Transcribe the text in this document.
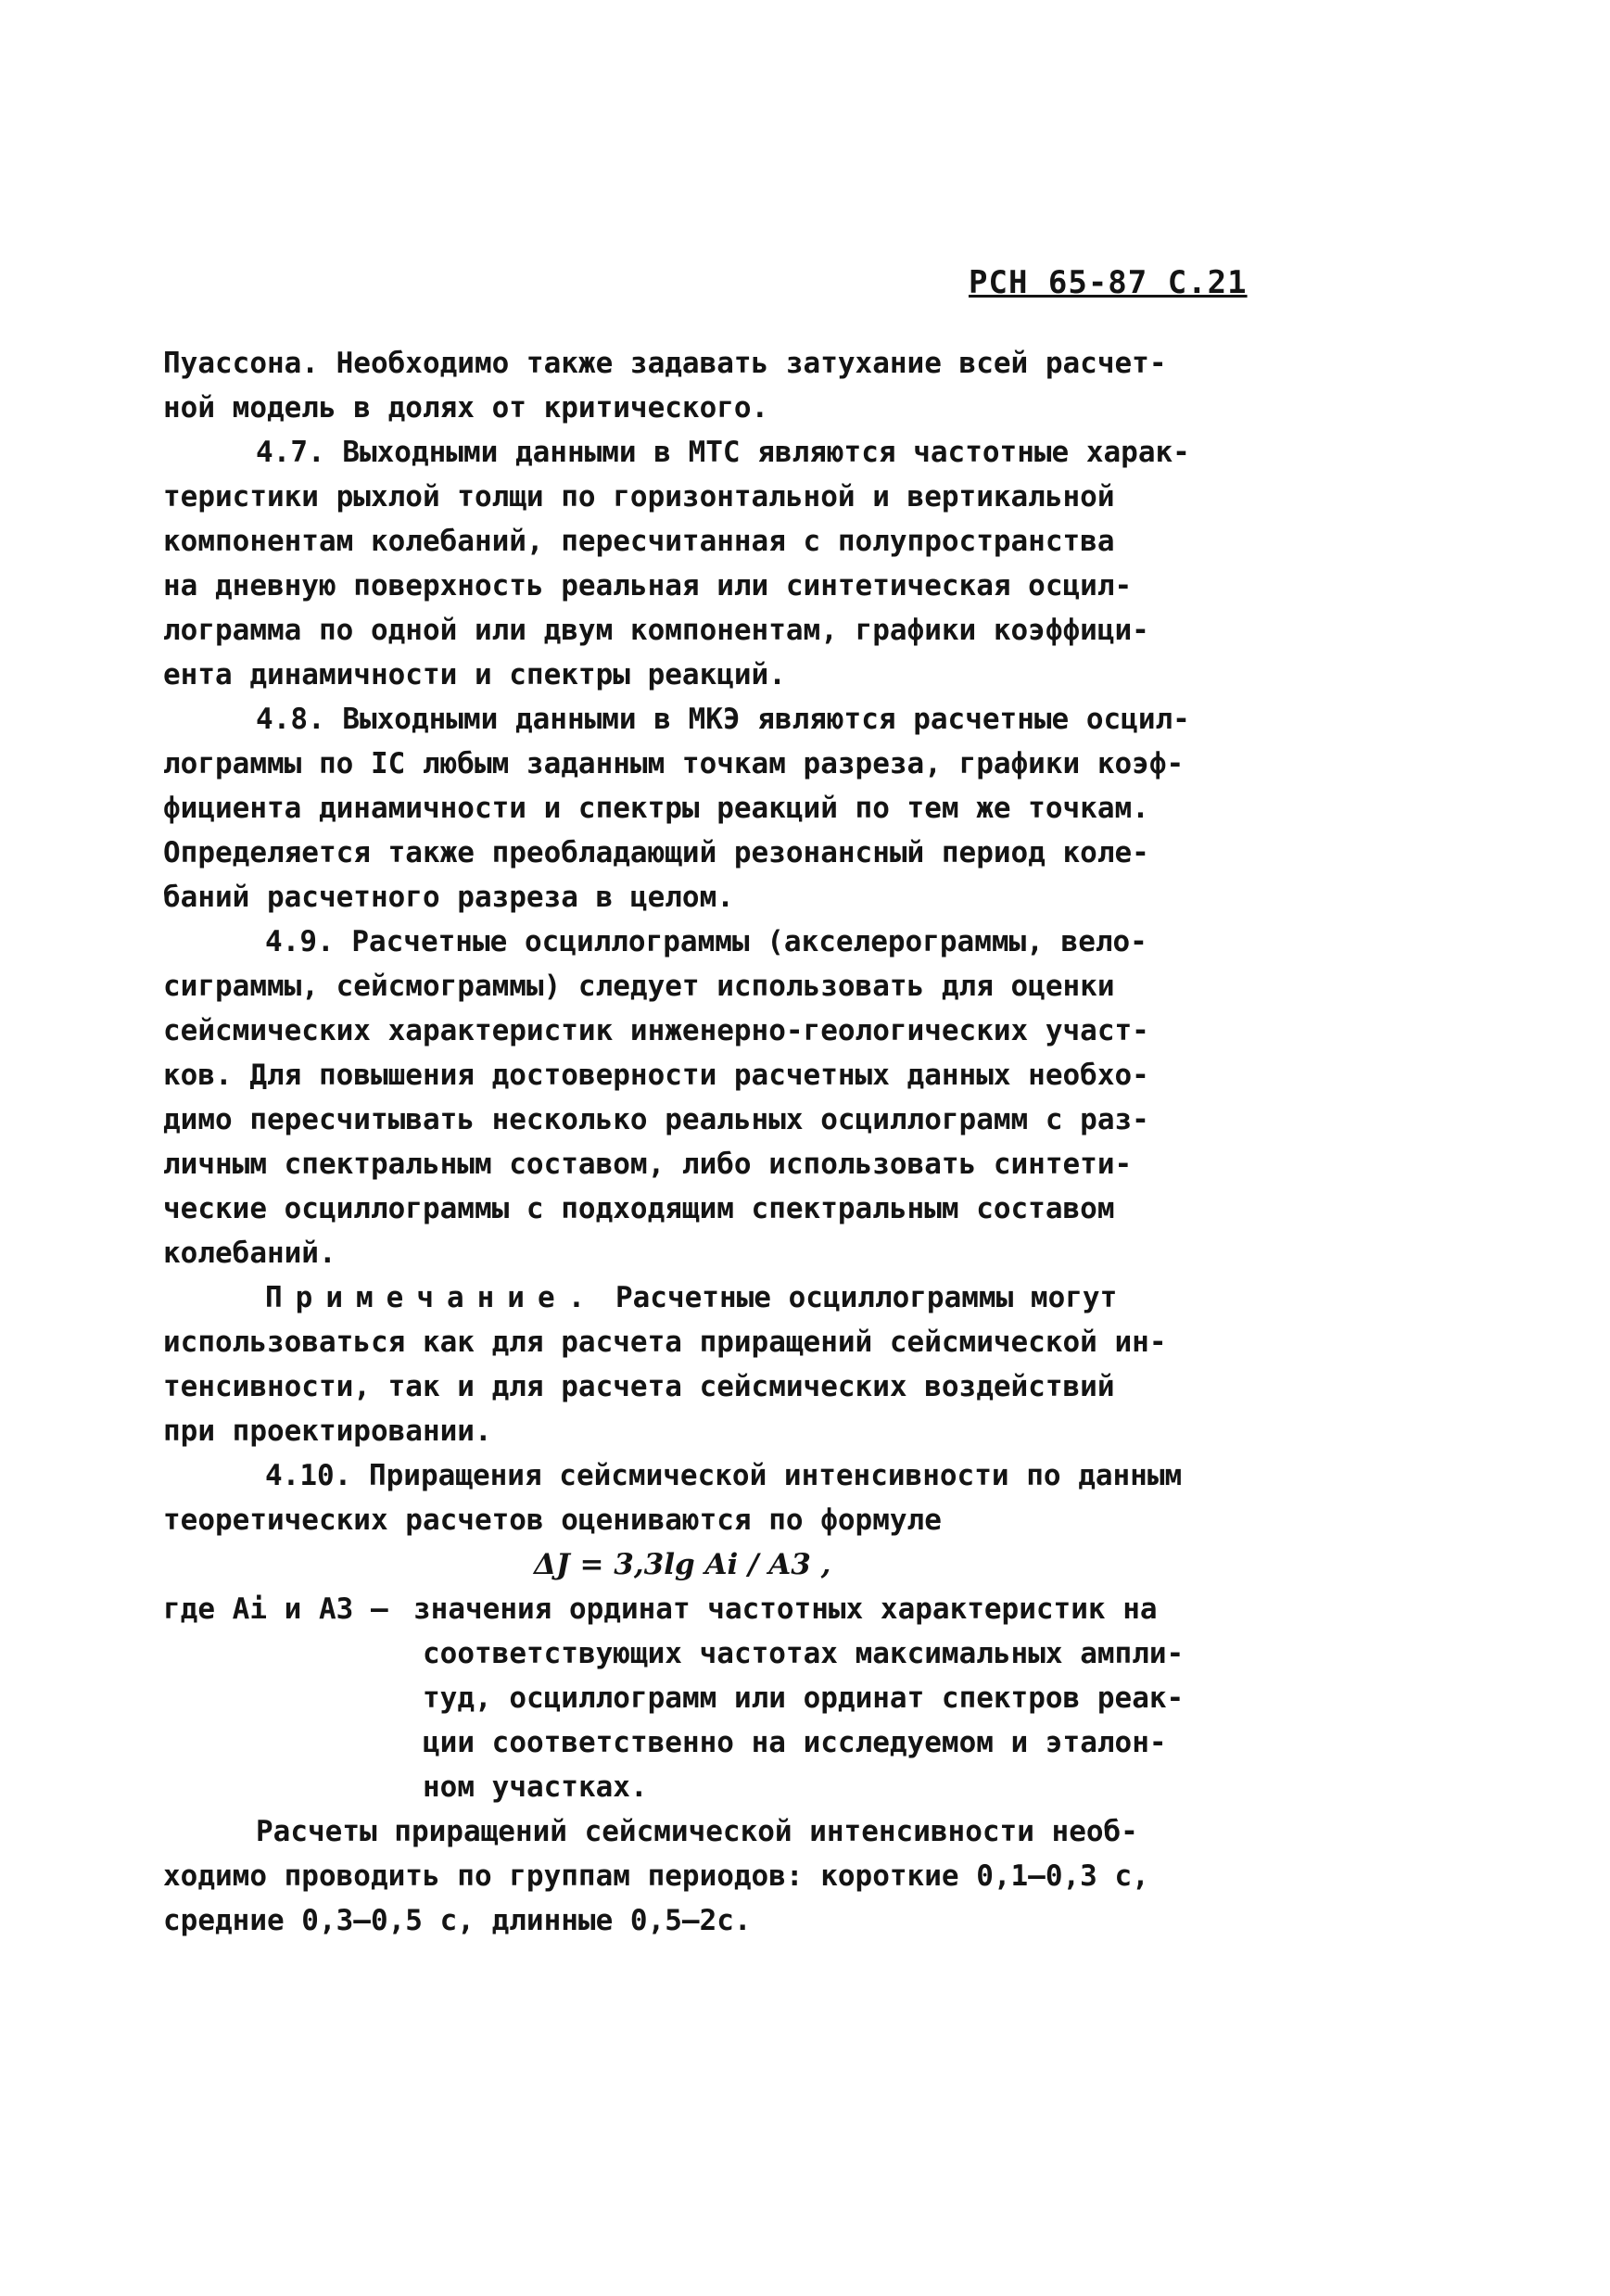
РСН 65-87 С.21
Пуассона. Необходимо также задавать затухание всей расчет-
ной модель в долях от критического.
4.7. Выходными данными в МТС являются частотные харак-
теристики рыхлой толщи по горизонтальной и вертикальной
компонентам колебаний, пересчитанная с полупространства
на дневную поверхность реальная или синтетическая осцил-
лограмма по одной или двум компонентам, графики коэффици-
ента динамичности и спектры реакций.
4.8. Выходными данными в МКЭ являются расчетные осцил-
лограммы по IС любым заданным точкам разреза, графики коэф-
фициента динамичности и спектры реакций по тем же точкам.
Определяется также преобладающий резонансный период коле-
баний расчетного разреза в целом.
4.9. Расчетные осциллограммы (акселерограммы, вело-
сиграммы, сейсмограммы) следует использовать для оценки
сейсмических характеристик инженерно-геологических участ-
ков. Для повышения достоверности расчетных данных необхо-
димо пересчитывать несколько реальных осциллограмм с раз-
личным спектральным составом, либо использовать синтети-
ческие осциллограммы с подходящим спектральным составом
колебаний.
Примечание. Расчетные осциллограммы могут
использоваться как для расчета приращений сейсмической ин-
тенсивности, так и для расчета сейсмических воздействий
при проектировании.
4.10. Приращения сейсмической интенсивности по данным
теоретических расчетов оцениваются по формуле
ΔJ = 3,3lg Ai / A3 ,
где Ai и A3 – значения ординат частотных характеристик на
соответствующих частотах максимальных ампли-
туд, осциллограмм или ординат спектров реак-
ции соответственно на исследуемом и эталон-
ном участках.
Расчеты приращений сейсмической интенсивности необ-
ходимо проводить по группам периодов: короткие 0,1–0,3 с,
средние 0,3–0,5 с, длинные 0,5–2с.
